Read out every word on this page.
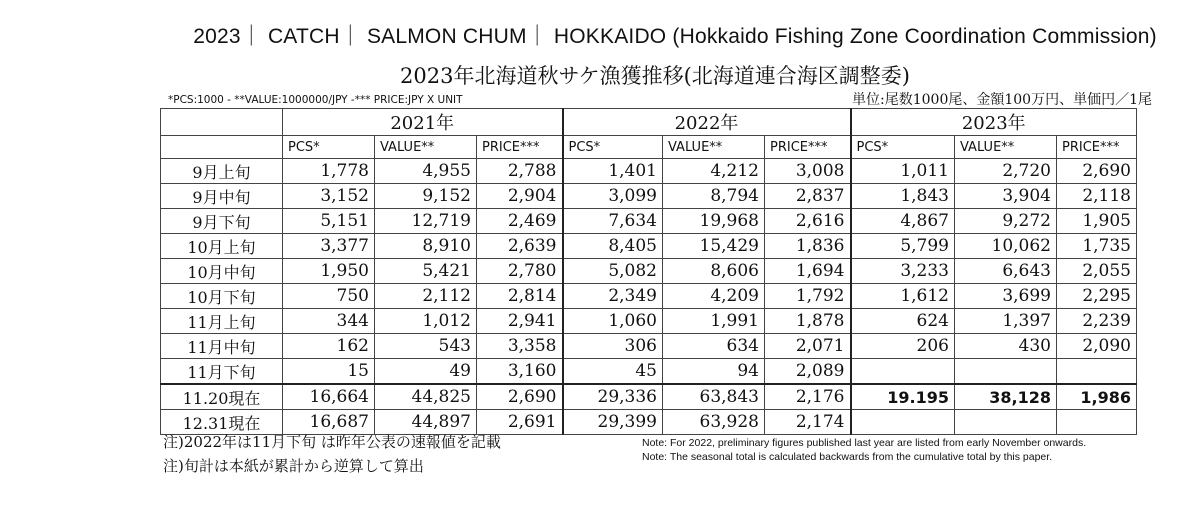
2023｜ CATCH｜ SALMON CHUM｜ HOKKAIDO (Hokkaido Fishing Zone Coordination Commission)
2023年北海道秋サケ漁獲推移(北海道連合海区調整委)
*PCS:1000 - **VALUE:1000000/JPY -*** PRICE:JPY X UNIT	単位:尾数1000尾、金額100万円、単価円／1尾
	2021年			2022年			2023年		
	PCS*	VALUE**	PRICE***	PCS*	VALUE**	PRICE***	PCS*	VALUE**	PRICE***
9月上旬	1,778	4,955	2,788	1,401	4,212	3,008	1,011	2,720	2,690
9月中旬	3,152	9,152	2,904	3,099	8,794	2,837	1,843	3,904	2,118
9月下旬	5,151	12,719	2,469	7,634	19,968	2,616	4,867	9,272	1,905
10月上旬	3,377	8,910	2,639	8,405	15,429	1,836	5,799	10,062	1,735
10月中旬	1,950	5,421	2,780	5,082	8,606	1,694	3,233	6,643	2,055
10月下旬	750	2,112	2,814	2,349	4,209	1,792	1,612	3,699	2,295
11月上旬	344	1,012	2,941	1,060	1,991	1,878	624	1,397	2,239
11月中旬	162	543	3,358	306	634	2,071	206	430	2,090
11月下旬	15	49	3,160	45	94	2,089			
11.20現在	16,664	44,825	2,690	29,336	63,843	2,176	19.195	38,128	1,986
12.31現在	16,687	44,897	2,691	29,399	63,928	2,174			
注)2022年は11月下旬 は昨年公表の速報値を記載
注)旬計は本紙が累計から逆算して算出
Note: For 2022, preliminary figures published last year are listed from early November onwards.
Note: The seasonal total is calculated backwards from the cumulative total by this paper.
